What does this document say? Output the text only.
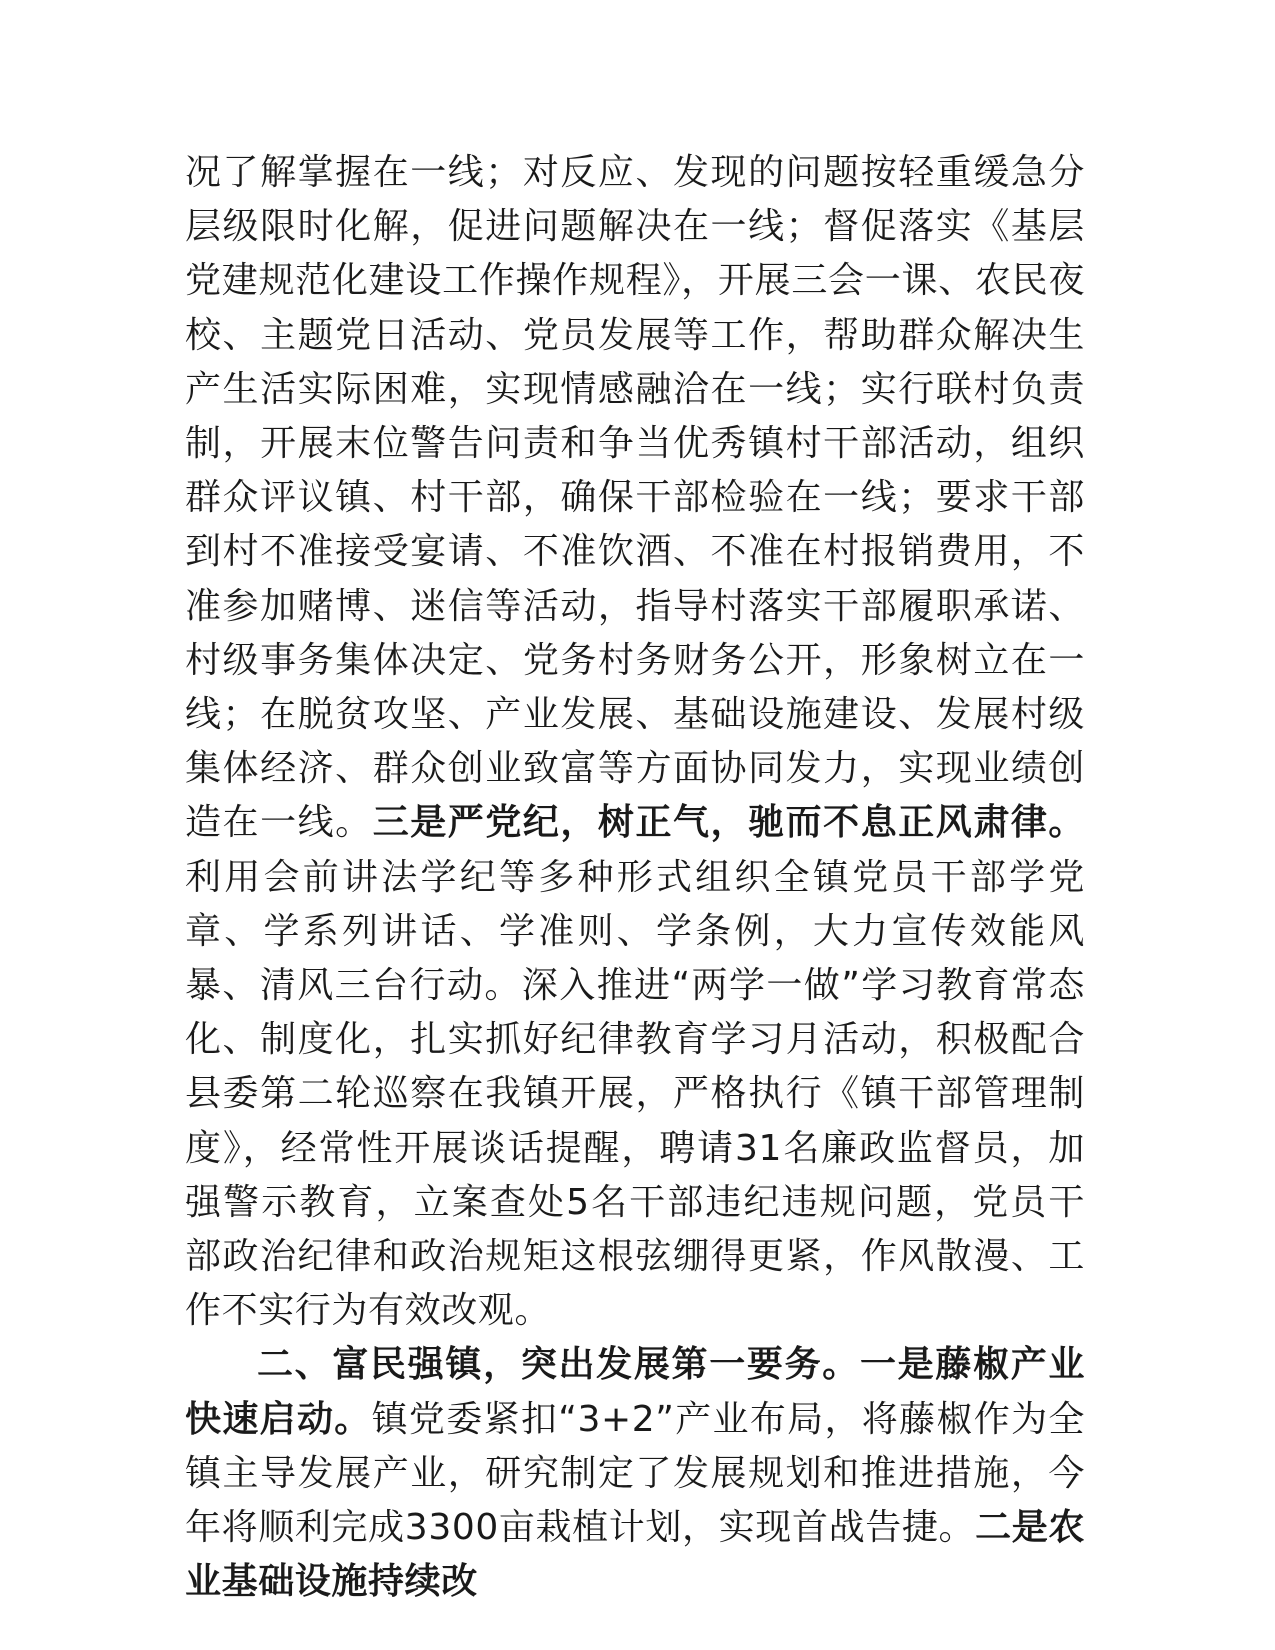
况了解掌握在一线；对反应、发现的问题按轻重缓急分层级限时化解，促进问题解决在一线；督促落实《基层党建规范化建设工作操作规程》，开展三会一课、农民夜校、主题党日活动、党员发展等工作，帮助群众解决生产生活实际困难，实现情感融洽在一线；实行联村负责制，开展末位警告问责和争当优秀镇村干部活动，组织群众评议镇、村干部，确保干部检验在一线；要求干部到村不准接受宴请、不准饮酒、不准在村报销费用，不准参加赌博、迷信等活动，指导村落实干部履职承诺、村级事务集体决定、党务村务财务公开，形象树立在一线；在脱贫攻坚、产业发展、基础设施建设、发展村级集体经济、群众创业致富等方面协同发力，实现业绩创造在一线。三是严党纪，树正气，驰而不息正风肃律。利用会前讲法学纪等多种形式组织全镇党员干部学党章、学系列讲话、学准则、学条例，大力宣传效能风暴、清风三台行动。深入推进“两学一做”学习教育常态化、制度化，扎实抓好纪律教育学习月活动，积极配合县委第二轮巡察在我镇开展，严格执行《镇干部管理制度》，经常性开展谈话提醒，聘请31名廉政监督员，加强警示教育，立案查处5名干部违纪违规问题，党员干部政治纪律和政治规矩这根弦绷得更紧，作风散漫、工作不实行为有效改观。

二、富民强镇，突出发展第一要务。一是藤椒产业快速启动。镇党委紧扣“3+2”产业布局，将藤椒作为全镇主导发展产业，研究制定了发展规划和推进措施，今年将顺利完成3300亩栽植计划，实现首战告捷。二是农业基础设施持续改
